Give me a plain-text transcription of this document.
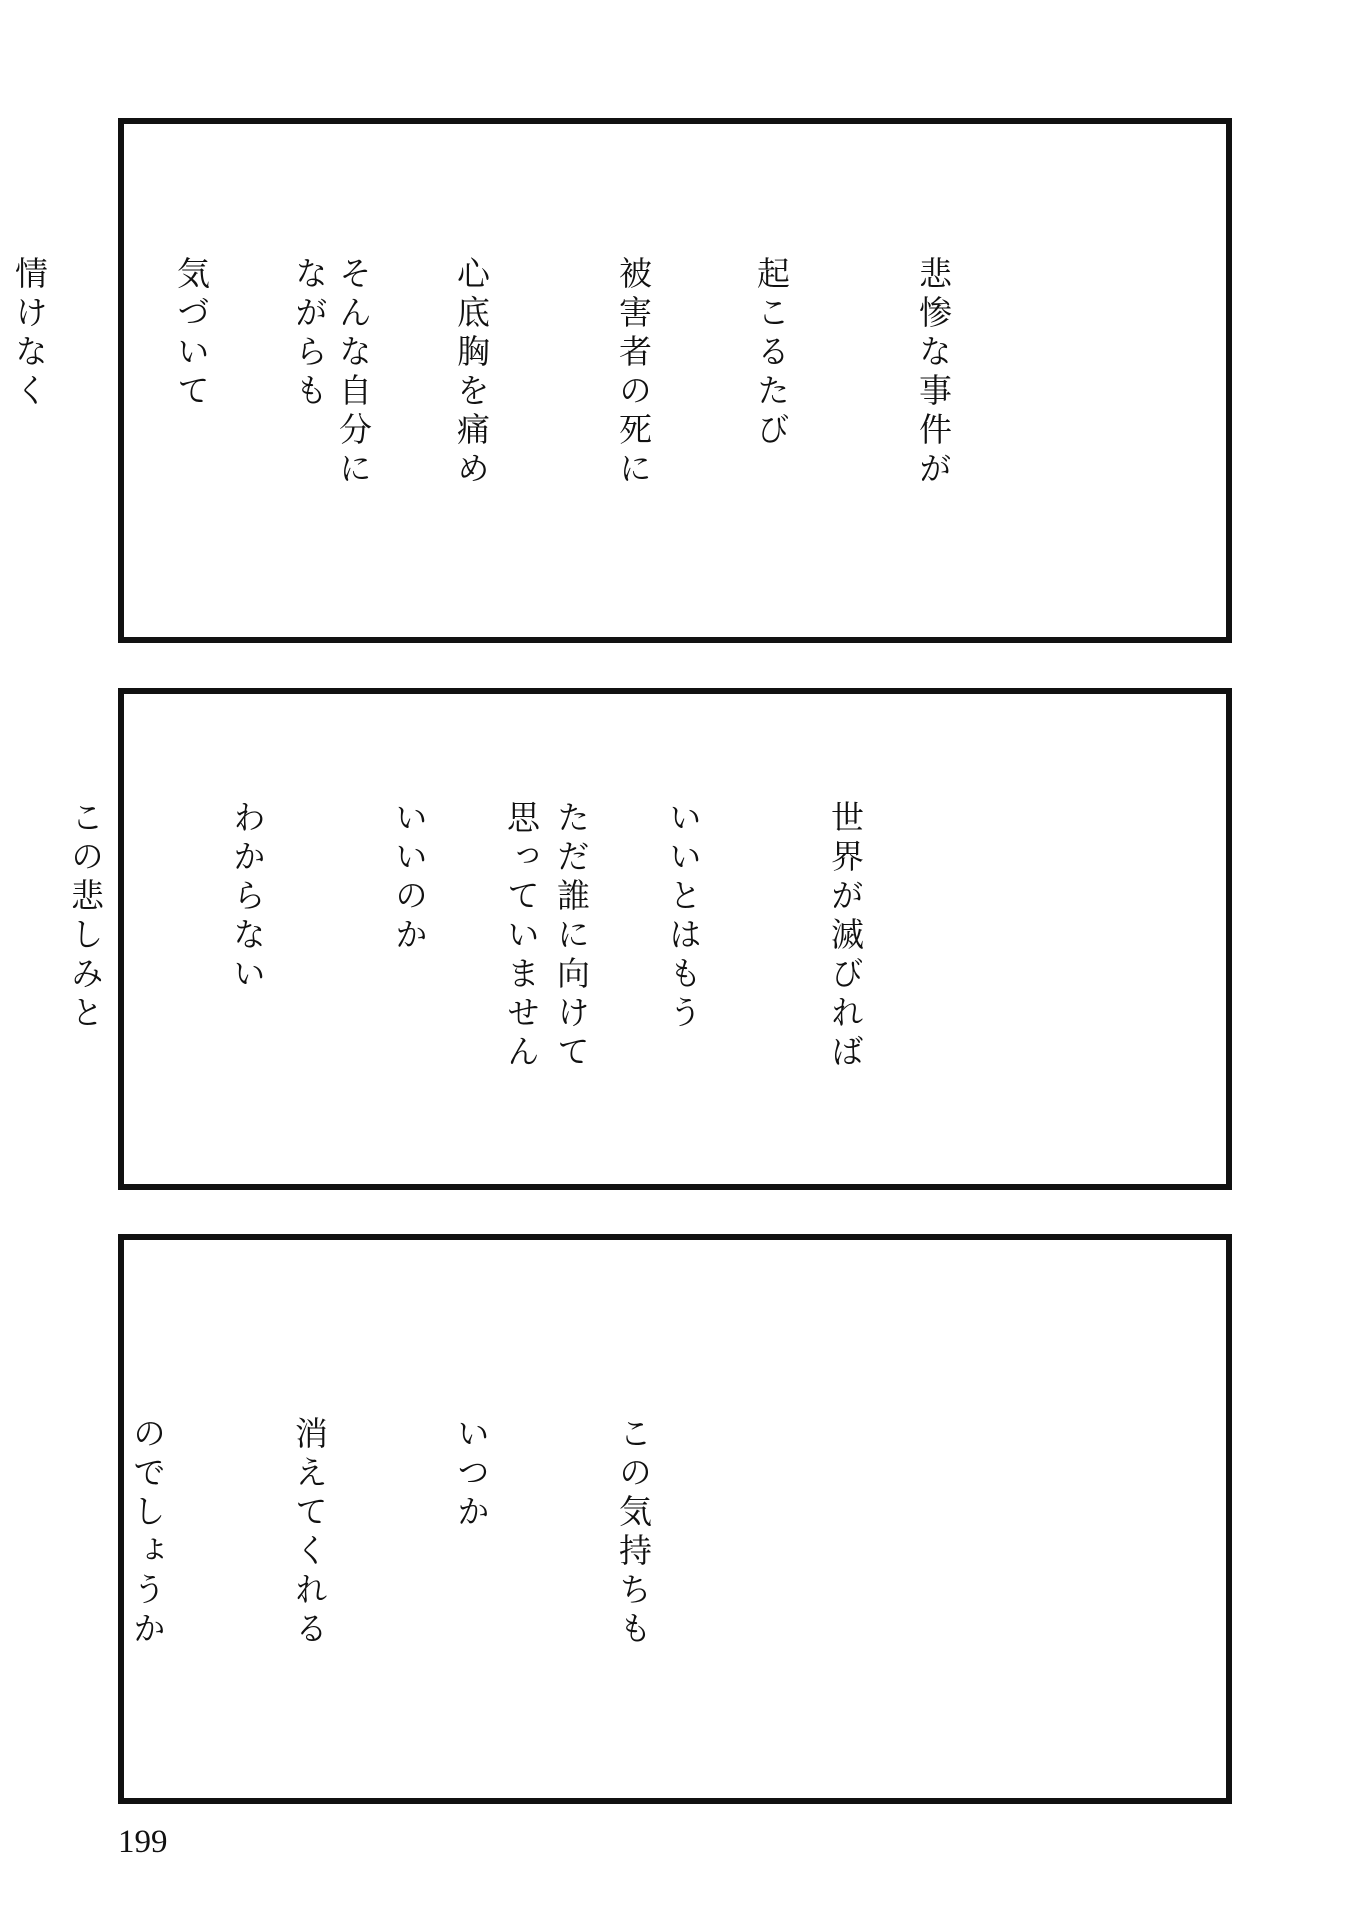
悲惨な事件が

起こるたび

被害者の死に

心底胸を痛め

ながらも

そんな自分に

気づいて

情けなく

世界が滅びれば

いいとはもう

思っていません

ただ誰に向けて

いいのか

わからない

この悲しみと

この気持ちも

いつか

消えてくれる

のでしょうか

199
